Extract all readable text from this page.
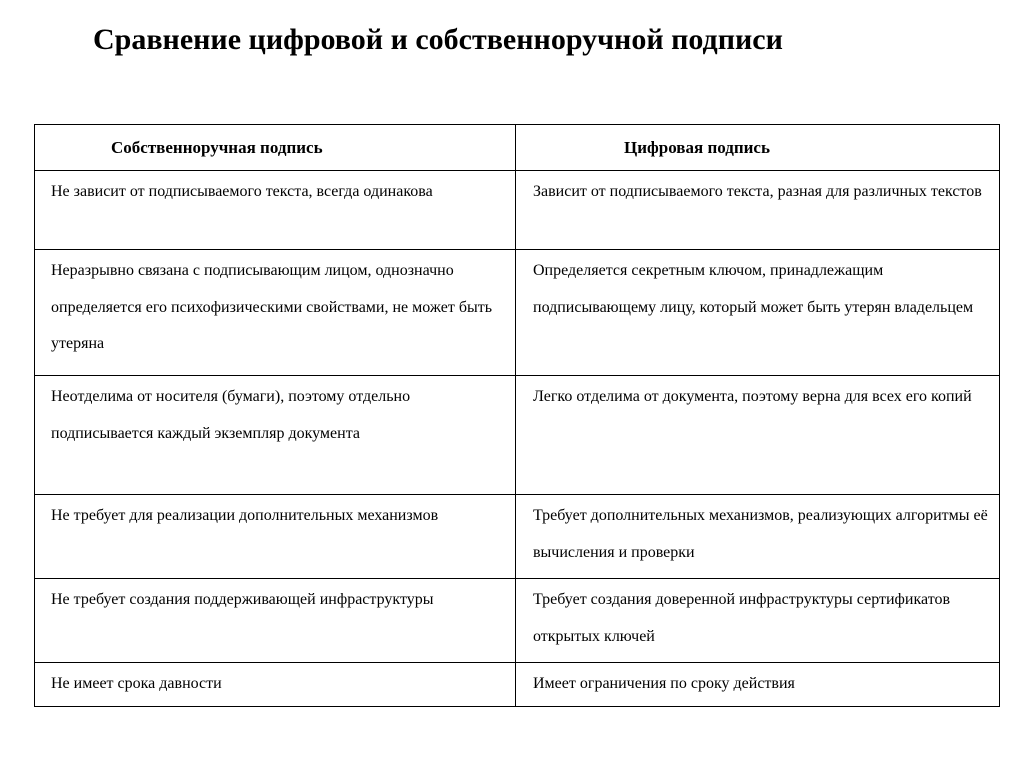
Сравнение цифровой и собственноручной подписи
Собственноручная подпись	Цифровая подпись

Не зависит от подписываемого текста, всегда одинакова	Зависит от подписываемого текста, разная для различных текстов

Неразрывно связана с подписывающим лицом, однозначно определяется его психофизическими свойствами, не может быть утеряна	Определяется секретным ключом, принадлежащим подписывающему лицу, который может быть утерян владельцем

Неотделима от носителя (бумаги), поэтому отдельно подписывается каждый экземпляр документа	Легко отделима от документа, поэтому верна для всех его копий

Не требует для реализации дополнительных механизмов	Требует дополнительных механизмов, реализующих алгоритмы её вычисления и проверки

Не требует создания поддерживающей инфраструктуры	Требует создания доверенной инфраструктуры сертификатов открытых ключей

Не имеет срока давности	Имеет ограничения по сроку действия
